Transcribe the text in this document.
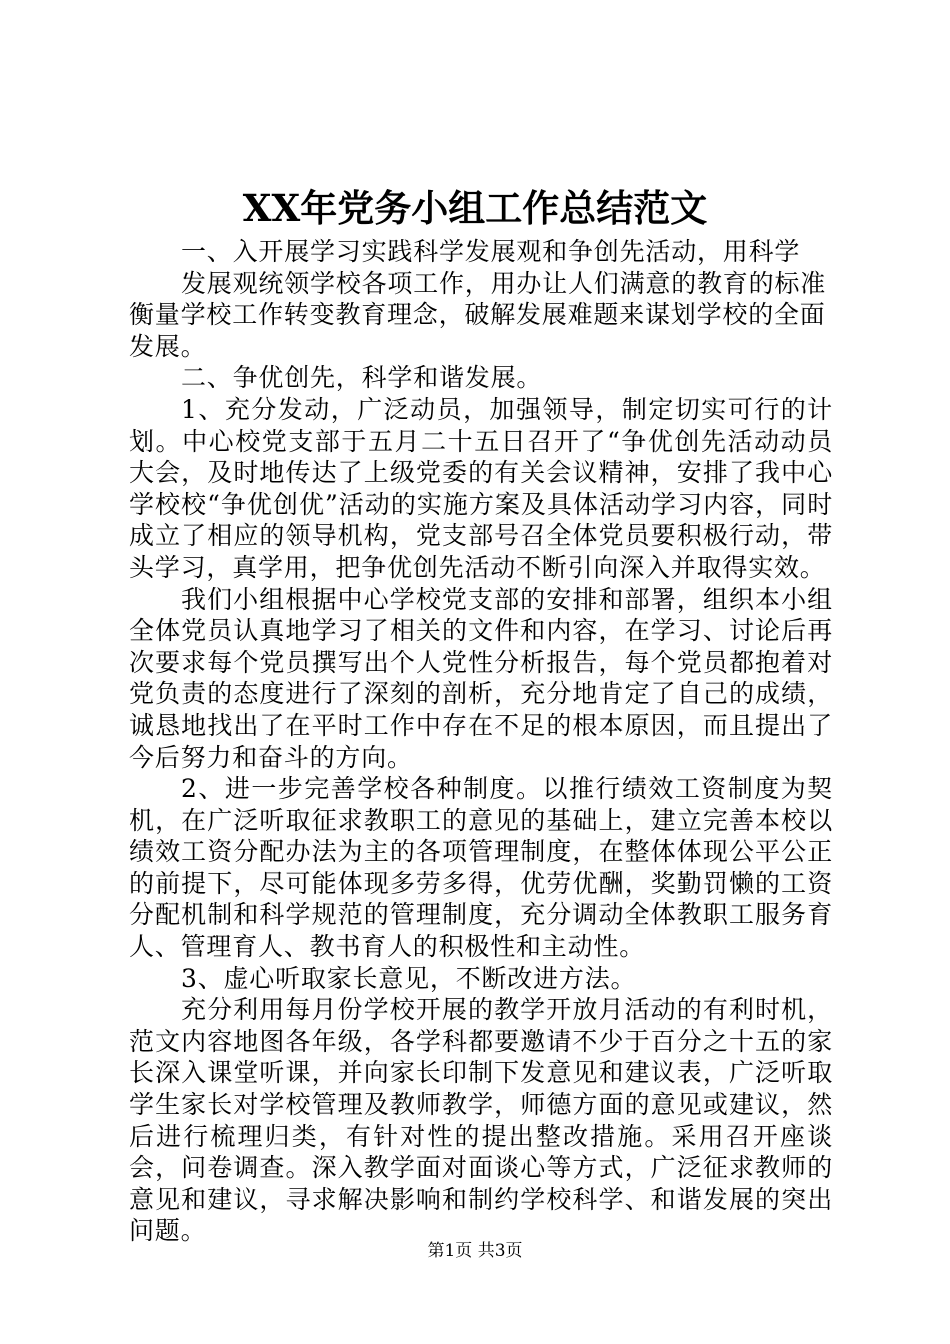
XX年党务小组工作总结范文

一、入开展学习实践科学发展观和争创先活动，用科学
发展观统领学校各项工作，用办让人们满意的教育的标准
衡量学校工作转变教育理念，破解发展难题来谋划学校的全面发展。

二、争优创先，科学和谐发展。

1、充分发动，广泛动员，加强领导，制定切实可行的计划。中心校党支部于五月二十五日召开了“争优创先活动动员大会，及时地传达了上级党委的有关会议精神，安排了我中心学校校“争优创优”活动的实施方案及具体活动学习内容，同时成立了相应的领导机构，党支部号召全体党员要积极行动，带头学习，真学用，把争优创先活动不断引向深入并取得实效。

我们小组根据中心学校党支部的安排和部署，组织本小组全体党员认真地学习了相关的文件和内容，在学习、讨论后再次要求每个党员撰写出个人党性分析报告，每个党员都抱着对党负责的态度进行了深刻的剖析，充分地肯定了自己的成绩，诚恳地找出了在平时工作中存在不足的根本原因，而且提出了今后努力和奋斗的方向。

2、进一步完善学校各种制度。以推行绩效工资制度为契机，在广泛听取征求教职工的意见的基础上，建立完善本校以绩效工资分配办法为主的各项管理制度，在整体体现公平公正的前提下，尽可能体现多劳多得，优劳优酬，奖勤罚懒的工资分配机制和科学规范的管理制度，充分调动全体教职工服务育人、管理育人、教书育人的积极性和主动性。

3、虚心听取家长意见，不断改进方法。

充分利用每月份学校开展的教学开放月活动的有利时机，范文内容地图各年级，各学科都要邀请不少于百分之十五的家长深入课堂听课，并向家长印制下发意见和建议表，广泛听取学生家长对学校管理及教师教学，师德方面的意见或建议，然后进行梳理归类，有针对性的提出整改措施。采用召开座谈会，问卷调查。深入教学面对面谈心等方式，广泛征求教师的意见和建议，寻求解决影响和制约学校科学、和谐发展的突出问题。

第1页 共3页
